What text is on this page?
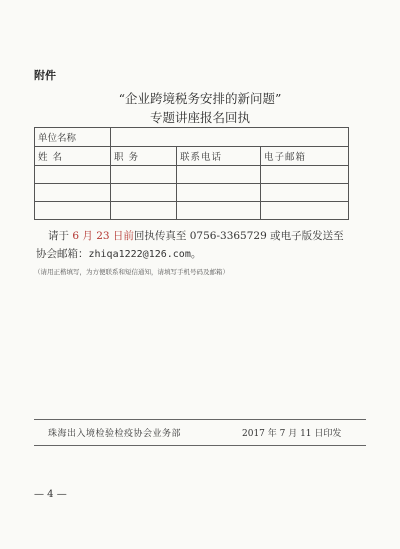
附件
“企业跨境税务安排的新问题”
专题讲座报名回执
单位名称			
姓 名	职 务	联系电话	电子邮箱

请于 6 月 23 日前回执传真至 0756-3365729 或电子版发送至
协会邮箱：zhiqa1222@126.com。
（请用正楷填写，为方便联系和短信通知，请填写手机号码及邮箱）
珠海出入境检验检疫协会业务部	2017 年 7 月 11 日印发
— 4 —
